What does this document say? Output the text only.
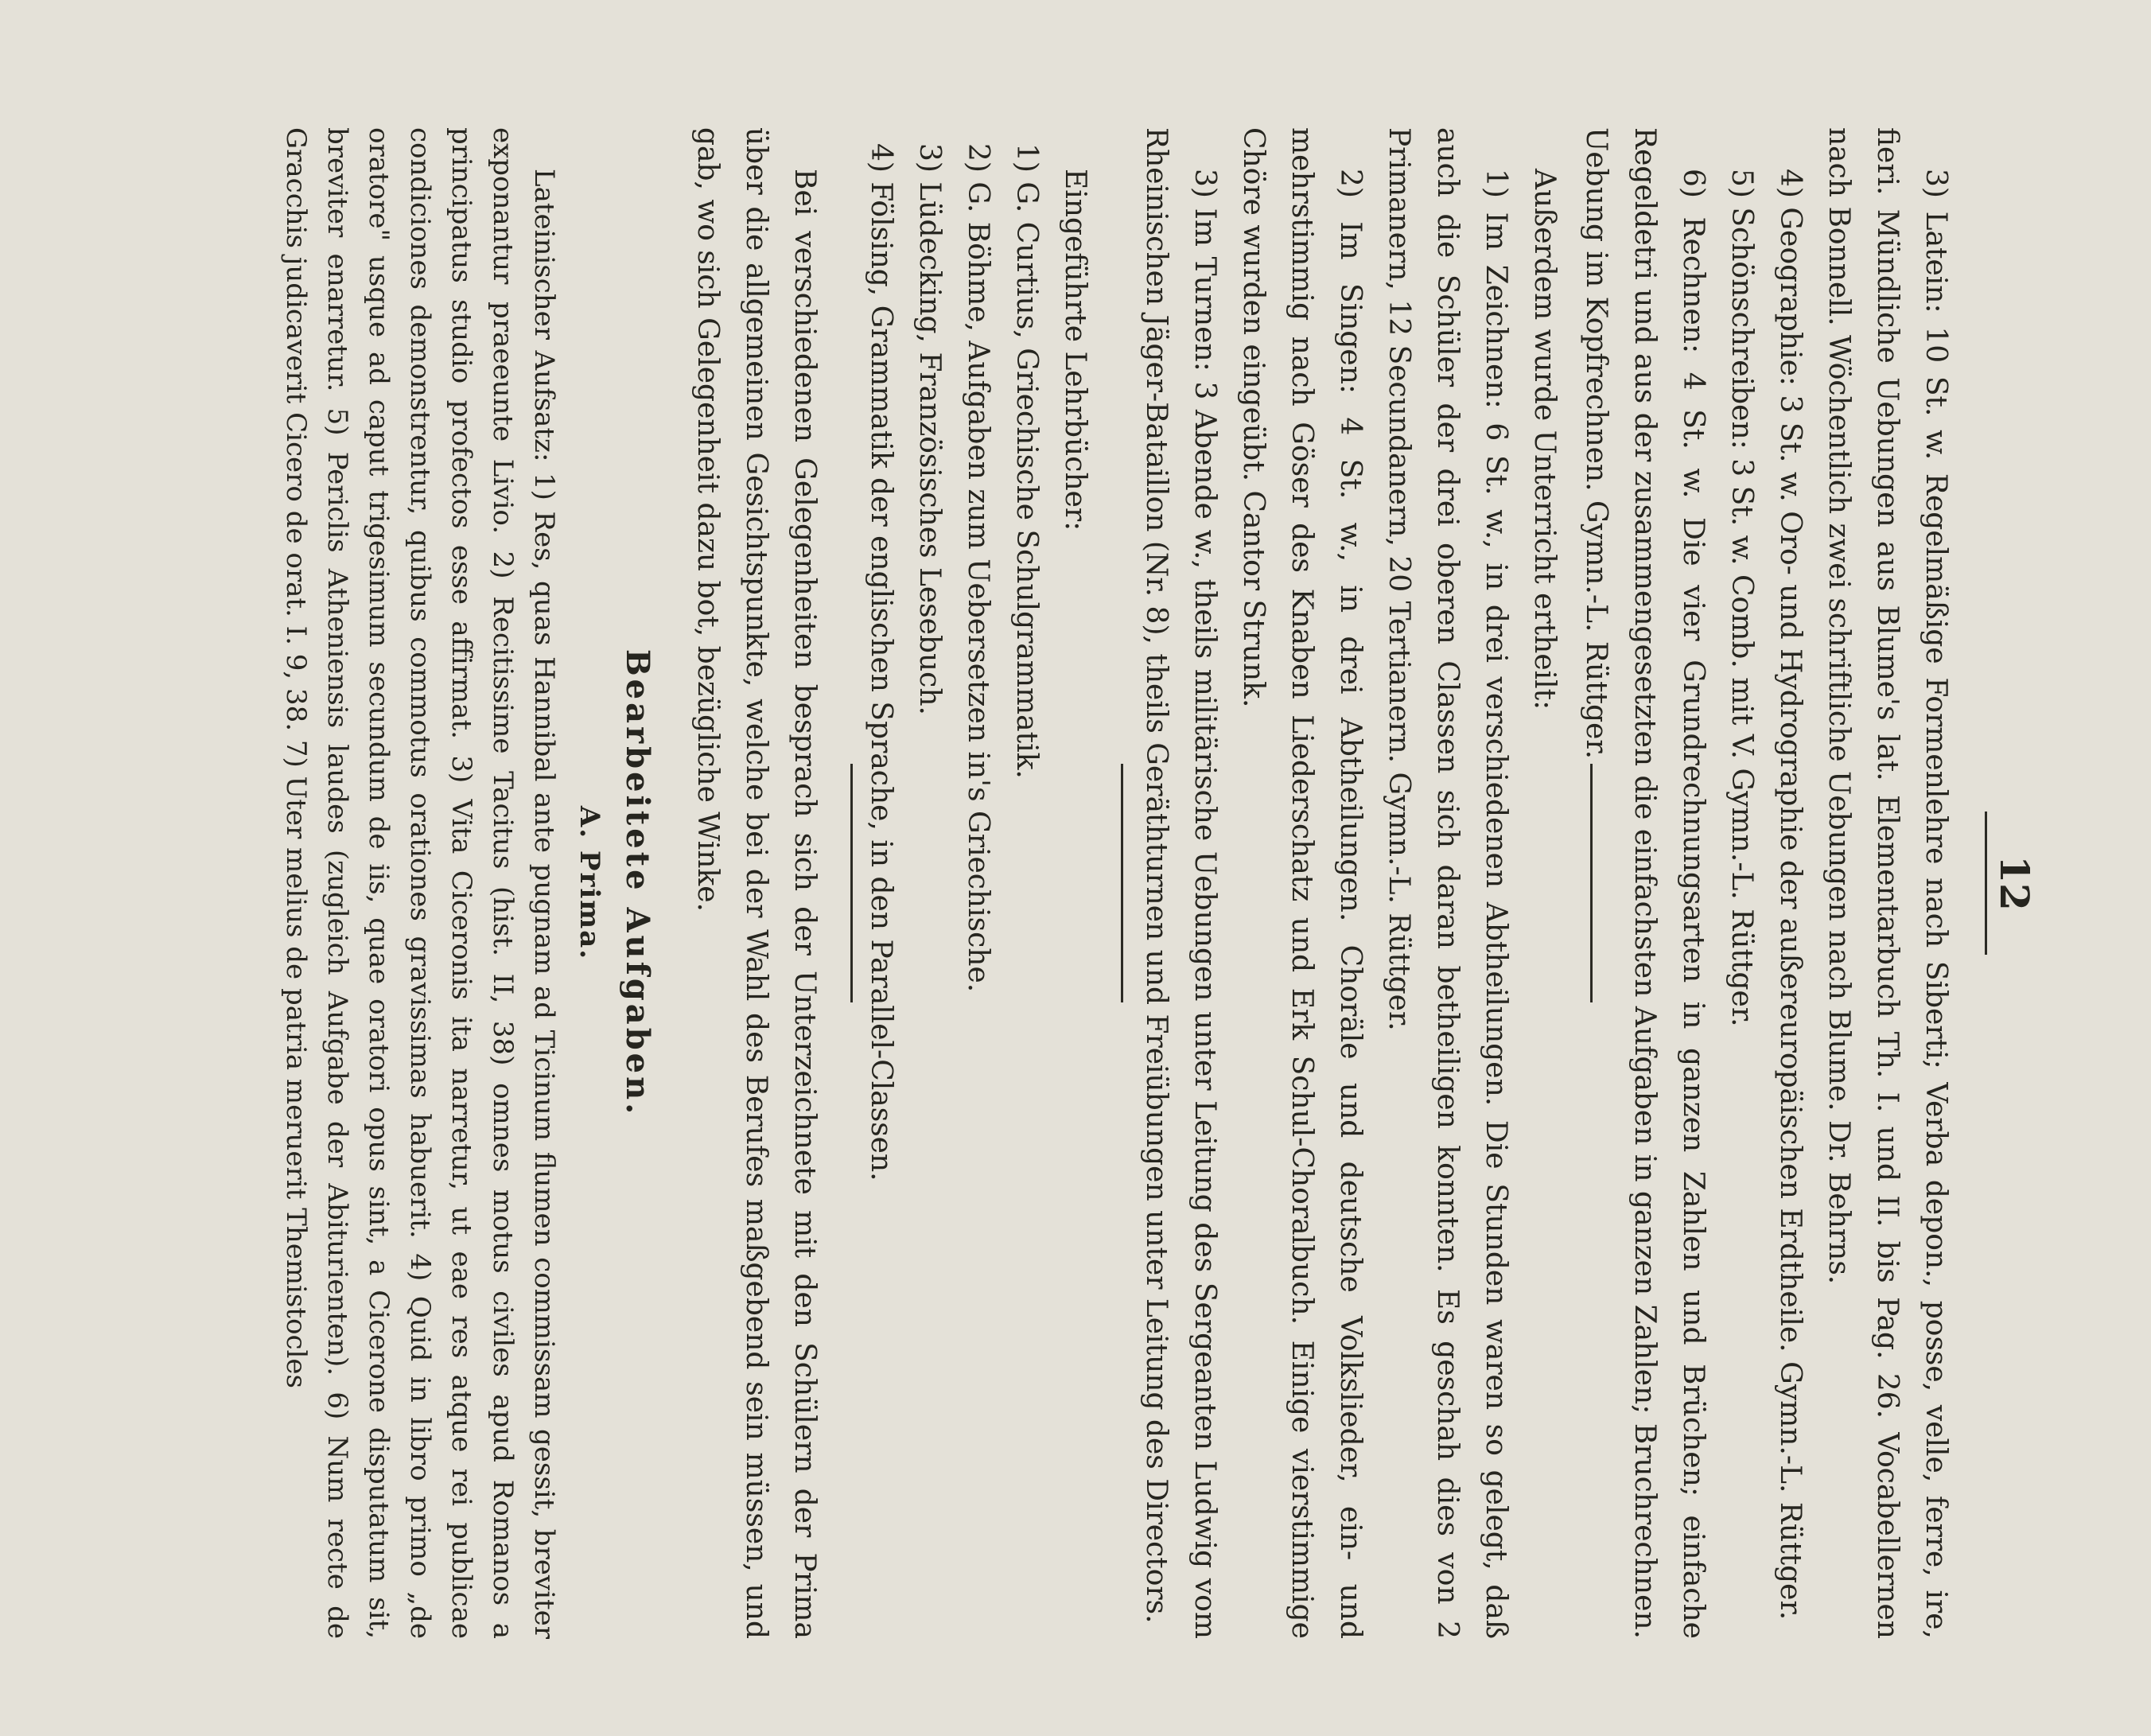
12

3) Latein: 10 St. w. Regelmäßige Formenlehre nach Siberti; Verba depon., posse, velle, ferre, ire, fieri. Mündliche Uebungen aus Blume's lat. Elementarbuch Th. I. und II. bis Pag. 26. Vocabellernen nach Bonnell. Wöchentlich zwei schriftliche Uebungen nach Blume. Dr. Behrns.

4) Geographie: 3 St. w. Oro- und Hydrographie der außereuropäischen Erdtheile. Gymn.-L. Rüttger.

5) Schönschreiben: 3 St. w. Comb. mit V. Gymn.-L. Rüttger.

6) Rechnen: 4 St. w. Die vier Grundrechnungsarten in ganzen Zahlen und Brüchen; einfache Regeldetri und aus der zusammengesetzten die einfachsten Aufgaben in ganzen Zahlen; Bruchrechnen. Uebung im Kopfrechnen. Gymn.-L. Rüttger.

Außerdem wurde Unterricht ertheilt:

1) Im Zeichnen: 6 St. w., in drei verschiedenen Abtheilungen. Die Stunden waren so gelegt, daß auch die Schüler der drei oberen Classen sich daran betheiligen konnten. Es geschah dies von 2 Primanern, 12 Secundanern, 20 Tertianern. Gymn.-L. Rüttger.

2) Im Singen: 4 St. w., in drei Abtheilungen. Choräle und deutsche Volkslieder, ein- und mehrstimmig nach Göser des Knaben Liederschatz und Erk Schul-Choralbuch. Einige vierstimmige Chöre wurden eingeübt. Cantor Strunk.

3) Im Turnen: 3 Abende w., theils militärische Uebungen unter Leitung des Sergeanten Ludwig vom Rheinischen Jäger-Bataillon (Nr. 8), theils Geräthturnen und Freiübungen unter Leitung des Directors.

Eingeführte Lehrbücher:

1) G. Curtius, Griechische Schulgrammatik.

2) G. Böhme, Aufgaben zum Uebersetzen in's Griechische.

3) Lüdecking, Französisches Lesebuch.

4) Fölsing, Grammatik der englischen Sprache, in den Parallel-Classen.

Bei verschiedenen Gelegenheiten besprach sich der Unterzeichnete mit den Schülern der Prima über die allgemeinen Gesichtspunkte, welche bei der Wahl des Berufes maßgebend sein müssen, und gab, wo sich Gelegenheit dazu bot, bezügliche Winke.

Bearbeitete Aufgaben.

A. Prima.

Lateinischer Aufsatz: 1) Res, quas Hannibal ante pugnam ad Ticinum flumen commissam gessit, breviter exponantur praeeunte Livio. 2) Recitissime Tacitus (hist. II, 38) omnes motus civiles apud Romanos a principatus studio profectos esse affirmat. 3) Vita Ciceronis ita narretur, ut eae res atque rei publicae condiciones demonstrentur, quibus commotus orationes gravissimas habuerit. 4) Quid in libro primo „de oratore" usque ad caput trigesimum secundum de iis, quae oratori opus sint, a Cicerone disputatum sit, breviter enarretur. 5) Periclis Atheniensis laudes (zugleich Aufgabe der Abiturienten). 6) Num recte de Gracchis judicaverit Cicero de orat. I. 9, 38. 7) Uter melius de patria meruerit Themistocles
